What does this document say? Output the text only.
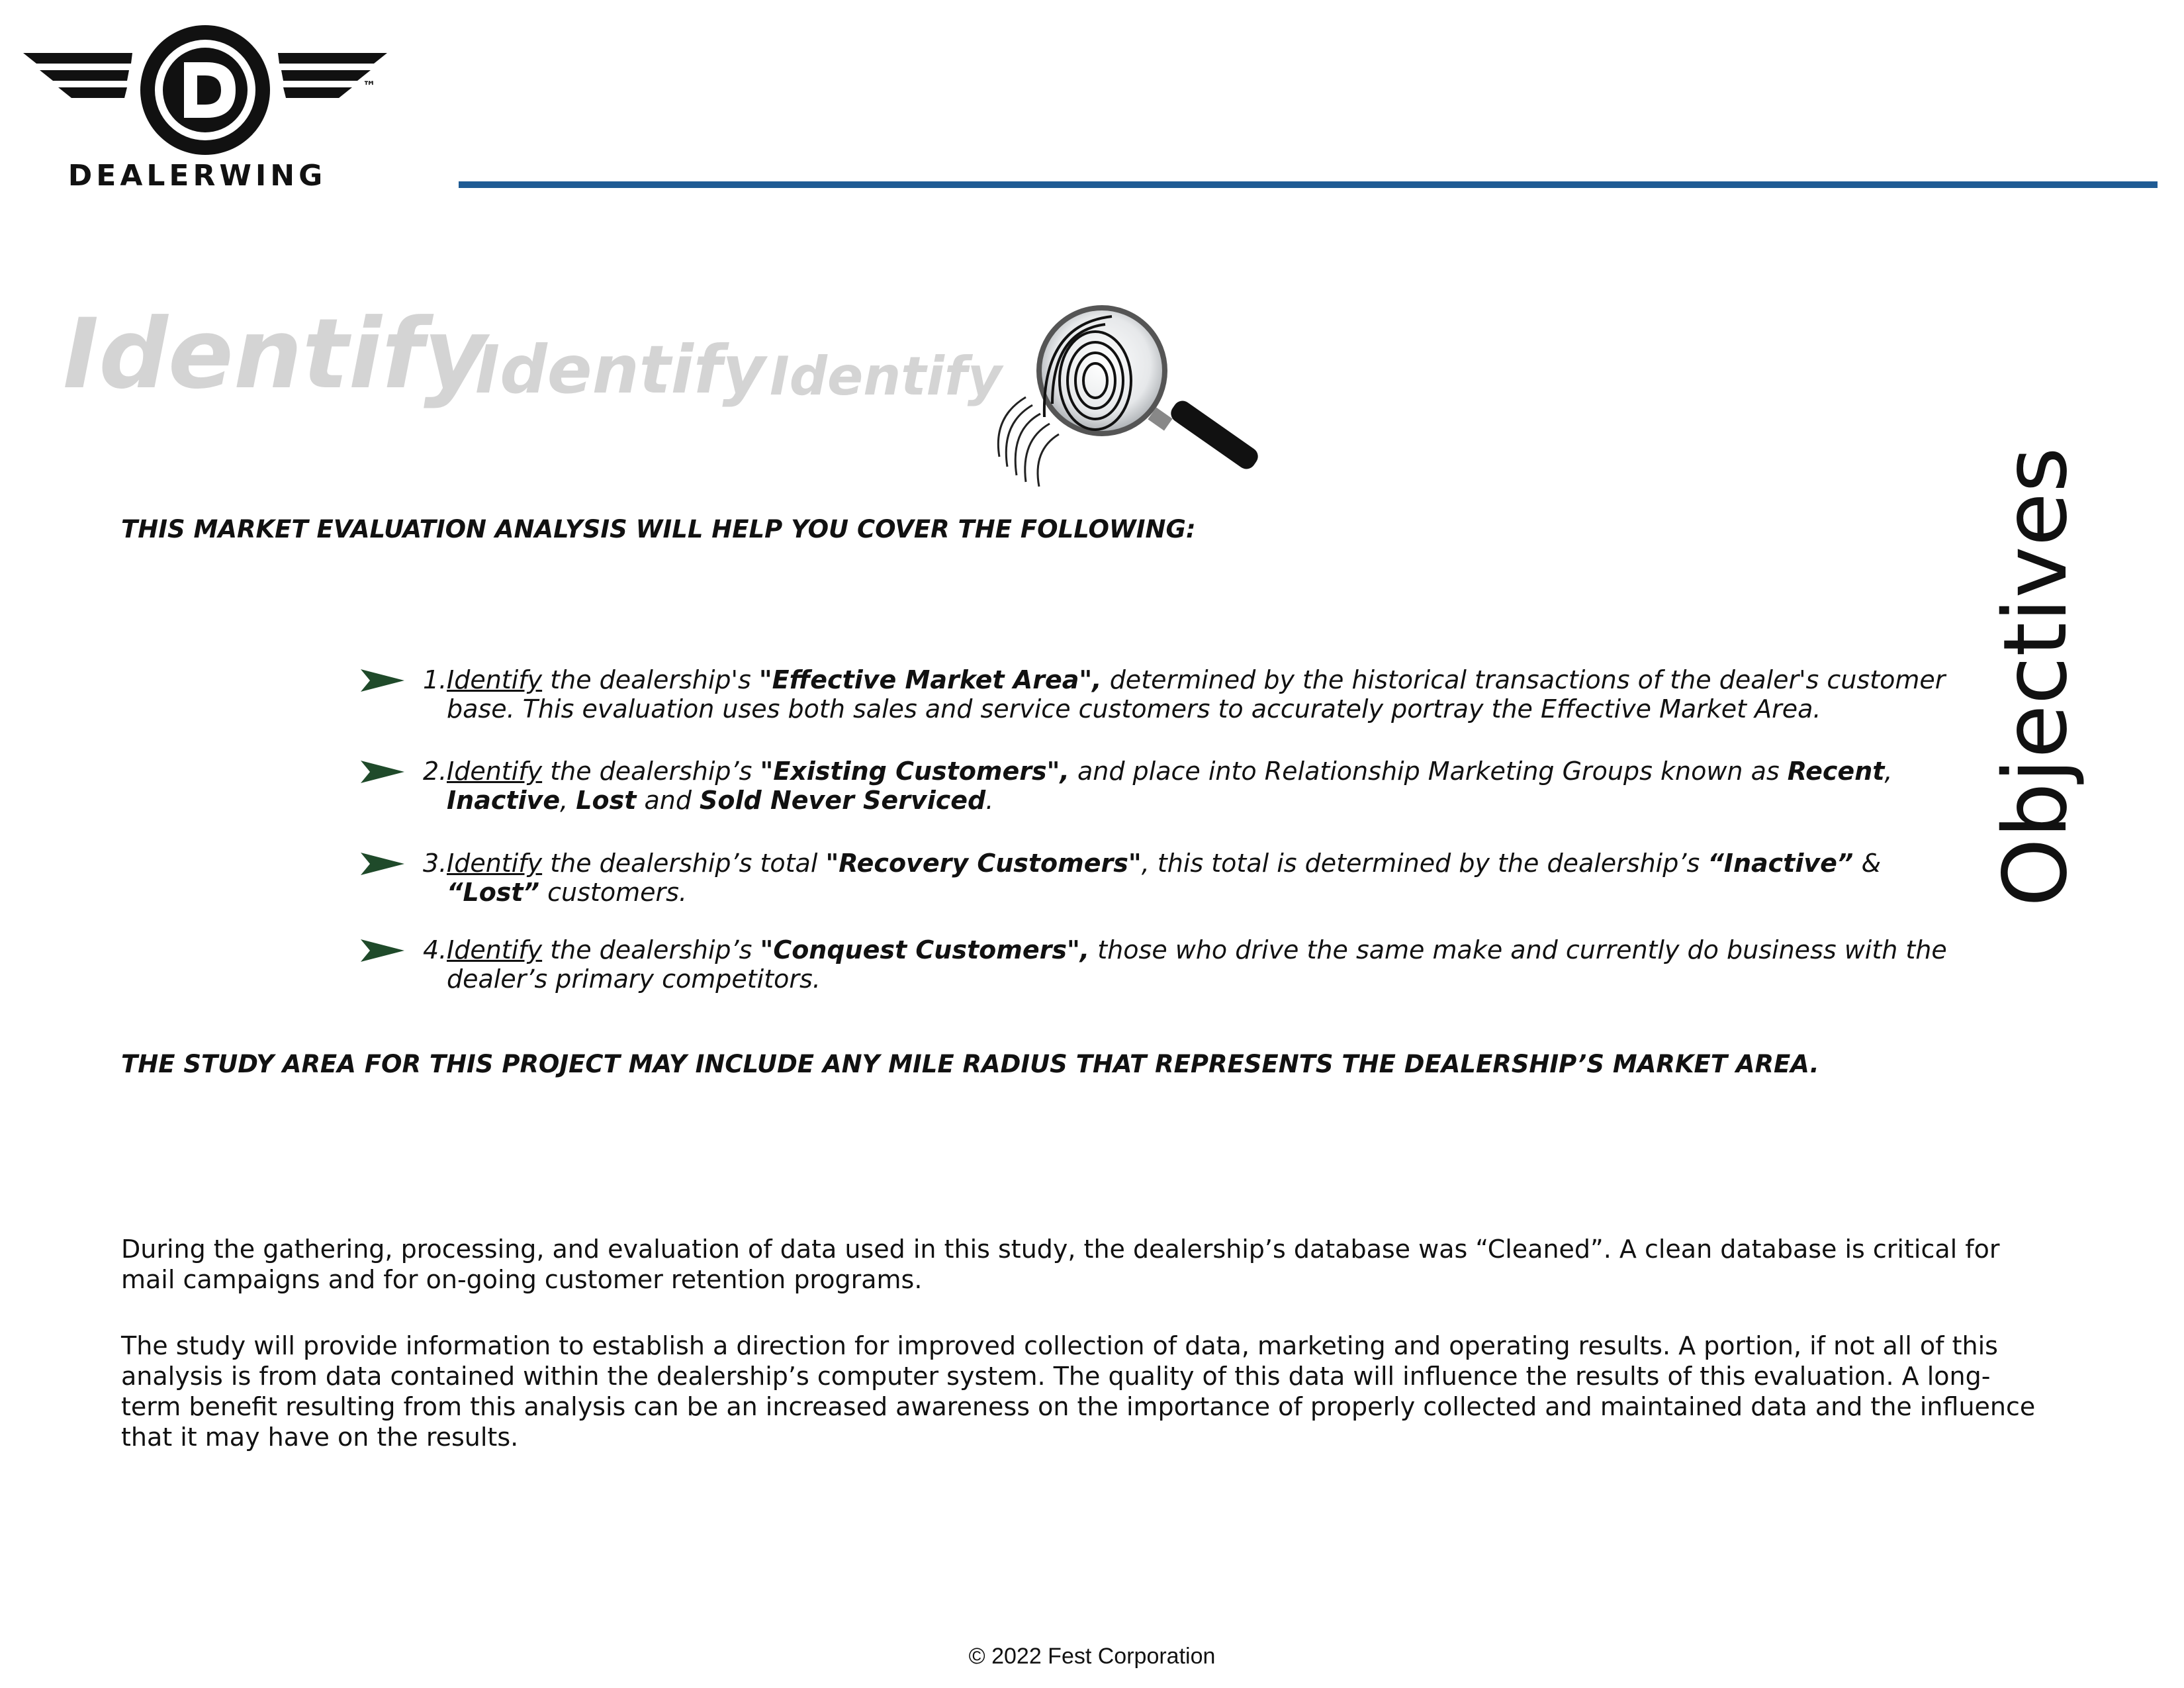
™
DEALERWING
Identify
Identify Identify
Objectives
THIS MARKET EVALUATION ANALYSIS WILL HELP YOU COVER THE FOLLOWING:
1. Identify the dealership's "Effective Market Area", determined by the historical transactions of the dealer's customer base. This evaluation uses both sales and service customers to accurately portray the Effective Market Area.
2. Identify the dealership’s "Existing Customers", and place into Relationship Marketing Groups known as Recent, Inactive, Lost and Sold Never Serviced.
3. Identify the dealership’s total "Recovery Customers", this total is determined by the dealership’s “Inactive” & “Lost” customers.
4. Identify the dealership’s "Conquest Customers", those who drive the same make and currently do business with the dealer’s primary competitors.
THE STUDY AREA FOR THIS PROJECT MAY INCLUDE ANY MILE RADIUS THAT REPRESENTS THE DEALERSHIP’S MARKET AREA.
During the gathering, processing, and evaluation of data used in this study, the dealership’s database was “Cleaned”. A clean database is critical for mail campaigns and for on-going customer retention programs.
The study will provide information to establish a direction for improved collection of data, marketing and operating results. A portion, if not all of this analysis is from data contained within the dealership’s computer system. The quality of this data will influence the results of this evaluation. A long-term benefit resulting from this analysis can be an increased awareness on the importance of properly collected and maintained data and the influence that it may have on the results.
© 2022 Fest Corporation
